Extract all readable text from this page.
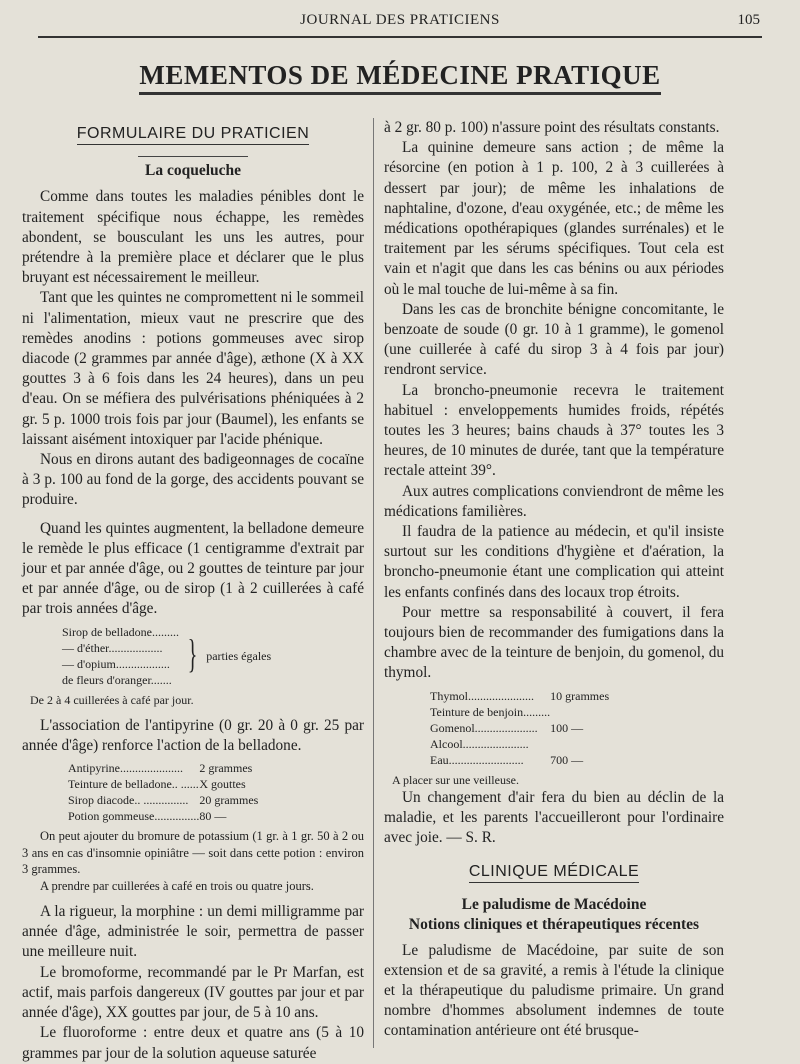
JOURNAL DES PRATICIENS	105
MEMENTOS DE MÉDECINE PRATIQUE
FORMULAIRE DU PRATICIEN
La coqueluche

Comme dans toutes les maladies pénibles dont le traitement spécifique nous échappe, les remèdes abondent, se bousculant les uns les autres, pour prétendre à la première place et déclarer que le plus bruyant est nécessairement le meilleur.

Tant que les quintes ne compromettent ni le sommeil ni l'alimentation, mieux vaut ne prescrire que des remèdes anodins : potions gommeuses avec sirop diacode (2 grammes par année d'âge), æthone (X à XX gouttes 3 à 6 fois dans les 24 heures), dans un peu d'eau. On se méfiera des pulvérisations phéniquées à 2 gr. 5 p. 1000 trois fois par jour (Baumel), les enfants se laissant aisément intoxiquer par l'acide phénique.

Nous en dirons autant des badigeonnages de cocaïne à 3 p. 100 au fond de la gorge, des accidents pouvant se produire.

Quand les quintes augmentent, la belladone demeure le remède le plus efficace (1 centigramme d'extrait par jour et par année d'âge, ou 2 gouttes de teinture par jour et par année d'âge, ou de sirop (1 à 2 cuillerées à café par trois années d'âge.

Sirop de belladone.........
— d'éther..................
— d'opium..................
de fleurs d'oranger.......
} parties égales
De 2 à 4 cuillerées à café par jour.

L'association de l'antipyrine (0 gr. 20 à 0 gr. 25 par année d'âge) renforce l'action de la belladone.

Antipyrine.....................	2 grammes
Teinture de belladone.. ......	X gouttes
Sirop diacode.. ...............	20 grammes
Potion gommeuse...............	80 —

On peut ajouter du bromure de potassium (1 gr. à 1 gr. 50 à 2 ou 3 ans en cas d'insomnie opiniâtre — soit dans cette potion : environ 3 grammes.

A prendre par cuillerées à café en trois ou quatre jours.

A la rigueur, la morphine : un demi milligramme par année d'âge, administrée le soir, permettra de passer une meilleure nuit.

Le bromoforme, recommandé par le Pr Marfan, est actif, mais parfois dangereux (IV gouttes par jour et par année d'âge), XX gouttes par jour, de 5 à 10 ans.

Le fluoroforme : entre deux et quatre ans (5 à 10 grammes par jour de la solution aqueuse saturée

à 2 gr. 80 p. 100) n'assure point des résultats constants.

La quinine demeure sans action ; de même la résorcine (en potion à 1 p. 100, 2 à 3 cuillerées à dessert par jour); de même les inhalations de naphtaline, d'ozone, d'eau oxygénée, etc.; de même les médications opothérapiques (glandes surrénales) et le traitement par les sérums spécifiques. Tout cela est vain et n'agit que dans les cas bénins ou aux périodes où le mal touche de lui-même à sa fin.

Dans les cas de bronchite bénigne concomitante, le benzoate de soude (0 gr. 10 à 1 gramme), le gomenol (une cuillerée à café du sirop 3 à 4 fois par jour) rendront service.

La broncho-pneumonie recevra le traitement habituel : enveloppements humides froids, répétés toutes les 3 heures; bains chauds à 37° toutes les 3 heures, de 10 minutes de durée, tant que la température rectale atteint 39°.

Aux autres complications conviendront de même les médications familières.

Il faudra de la patience au médecin, et qu'il insiste surtout sur les conditions d'hygiène et d'aération, la broncho-pneumonie étant une complication qui atteint les enfants confinés dans des locaux trop étroits.

Pour mettre sa responsabilité à couvert, il fera toujours bien de recommander des fumigations dans la chambre avec de la teinture de benjoin, du gomenol, du thymol.

Thymol......................	10 grammes
Teinture de benjoin.........	
Gomenol.....................	100 —
Alcool......................	
Eau.........................	700 —
A placer sur une veilleuse.

Un changement d'air fera du bien au déclin de la maladie, et les parents l'accueilleront pour l'ordinaire avec joie. — S. R.

CLINIQUE MÉDICALE
Le paludisme de Macédoine
Notions cliniques et thérapeutiques récentes

Le paludisme de Macédoine, par suite de son extension et de sa gravité, a remis à l'étude la clinique et la thérapeutique du paludisme primaire. Un grand nombre d'hommes absolument indemnes de toute contamination antérieure ont été brusque-
